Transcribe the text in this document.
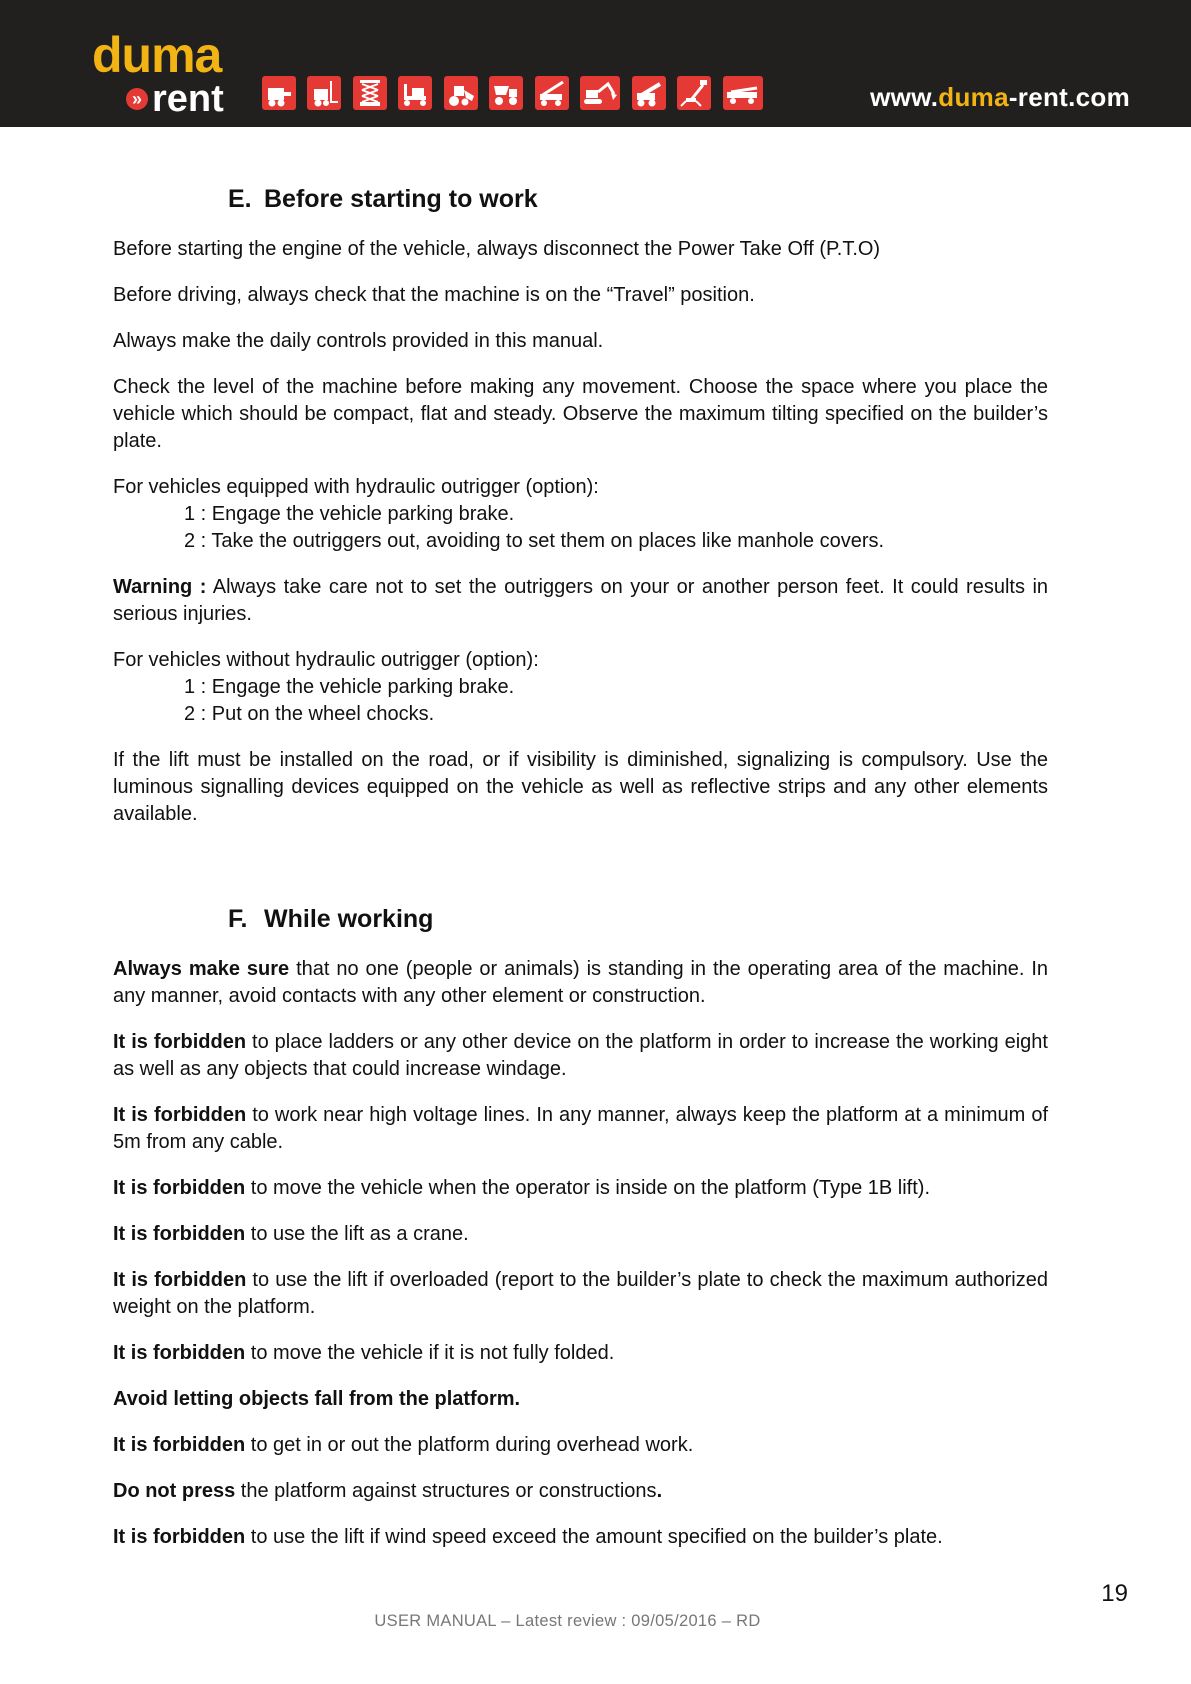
duma
» rent

	www.duma-rent.com
E. Before starting to work

Before starting the engine of the vehicle, always disconnect the Power Take Off (P.T.O)

Before driving, always check that the machine is on the “Travel” position.

Always make the daily controls provided in this manual.

Check the level of the machine before making any movement. Choose the space where you place the vehicle which should be compact, flat and steady. Observe the maximum tilting specified on the builder’s plate.

For vehicles equipped with hydraulic outrigger (option):
1 : Engage the vehicle parking brake.
2 : Take the outriggers out, avoiding to set them on places like manhole covers.

Warning : Always take care not to set the outriggers on your or another person feet. It could results in serious injuries.

For vehicles without hydraulic outrigger (option):
1 : Engage the vehicle parking brake.
2 : Put on the wheel chocks.

If the lift must be installed on the road, or if visibility is diminished, signalizing is compulsory. Use the luminous signalling devices equipped on the vehicle as well as reflective strips and any other elements available.

F. While working

Always make sure that no one (people or animals) is standing in the operating area of the machine. In any manner, avoid contacts with any other element or construction.

It is forbidden to place ladders or any other device on the platform in order to increase the working eight as well as any objects that could increase windage.

It is forbidden to work near high voltage lines. In any manner, always keep the platform at a minimum of 5m from any cable.

It is forbidden to move the vehicle when the operator is inside on the platform (Type 1B lift).

It is forbidden to use the lift as a crane.

It is forbidden to use the lift if overloaded (report to the builder’s plate to check the maximum authorized weight on the platform.

It is forbidden to move the vehicle if it is not fully folded.

Avoid letting objects fall from the platform.

It is forbidden to get in or out the platform during overhead work.

Do not press the platform against structures or constructions.

It is forbidden to use the lift if wind speed exceed the amount specified on the builder’s plate.

19
USER MANUAL – Latest review : 09/05/2016 – RD
